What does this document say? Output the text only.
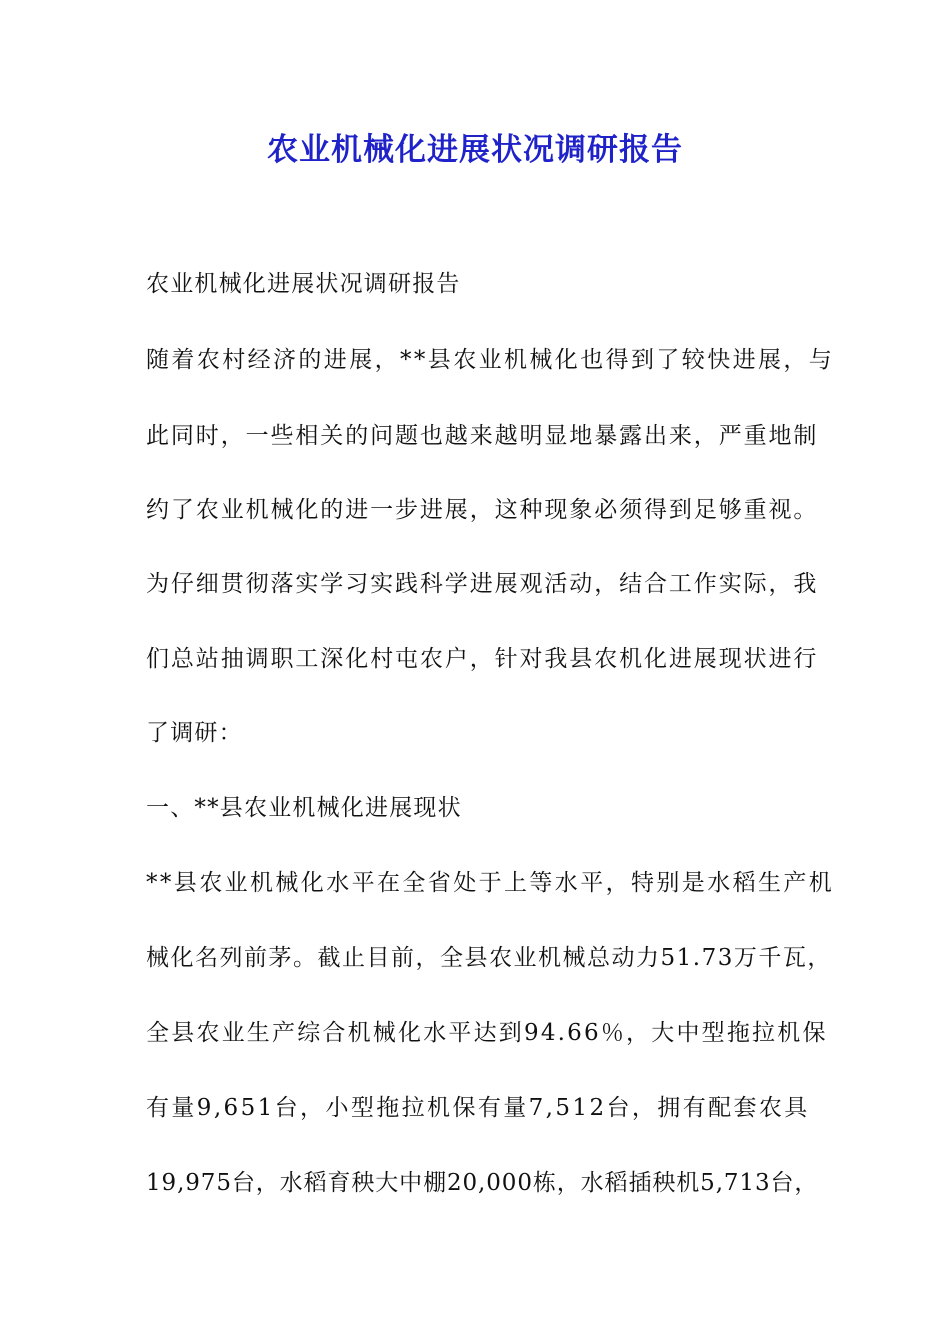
农业机械化进展状况调研报告
农业机械化进展状况调研报告
随着农村经济的进展，**县农业机械化也得到了较快进展，与
此同时，一些相关的问题也越来越明显地暴露出来，严重地制
约了农业机械化的进一步进展，这种现象必须得到足够重视。
为仔细贯彻落实学习实践科学进展观活动，结合工作实际，我
们总站抽调职工深化村屯农户，针对我县农机化进展现状进行
了调研：
一、**县农业机械化进展现状
**县农业机械化水平在全省处于上等水平，特别是水稻生产机
械化名列前茅。截止目前，全县农业机械总动力51.73万千瓦，
全县农业生产综合机械化水平达到94.66％，大中型拖拉机保
有量9,651台，小型拖拉机保有量7,512台，拥有配套农具
19,975台，水稻育秧大中棚20,000栋，水稻插秧机5,713台，
